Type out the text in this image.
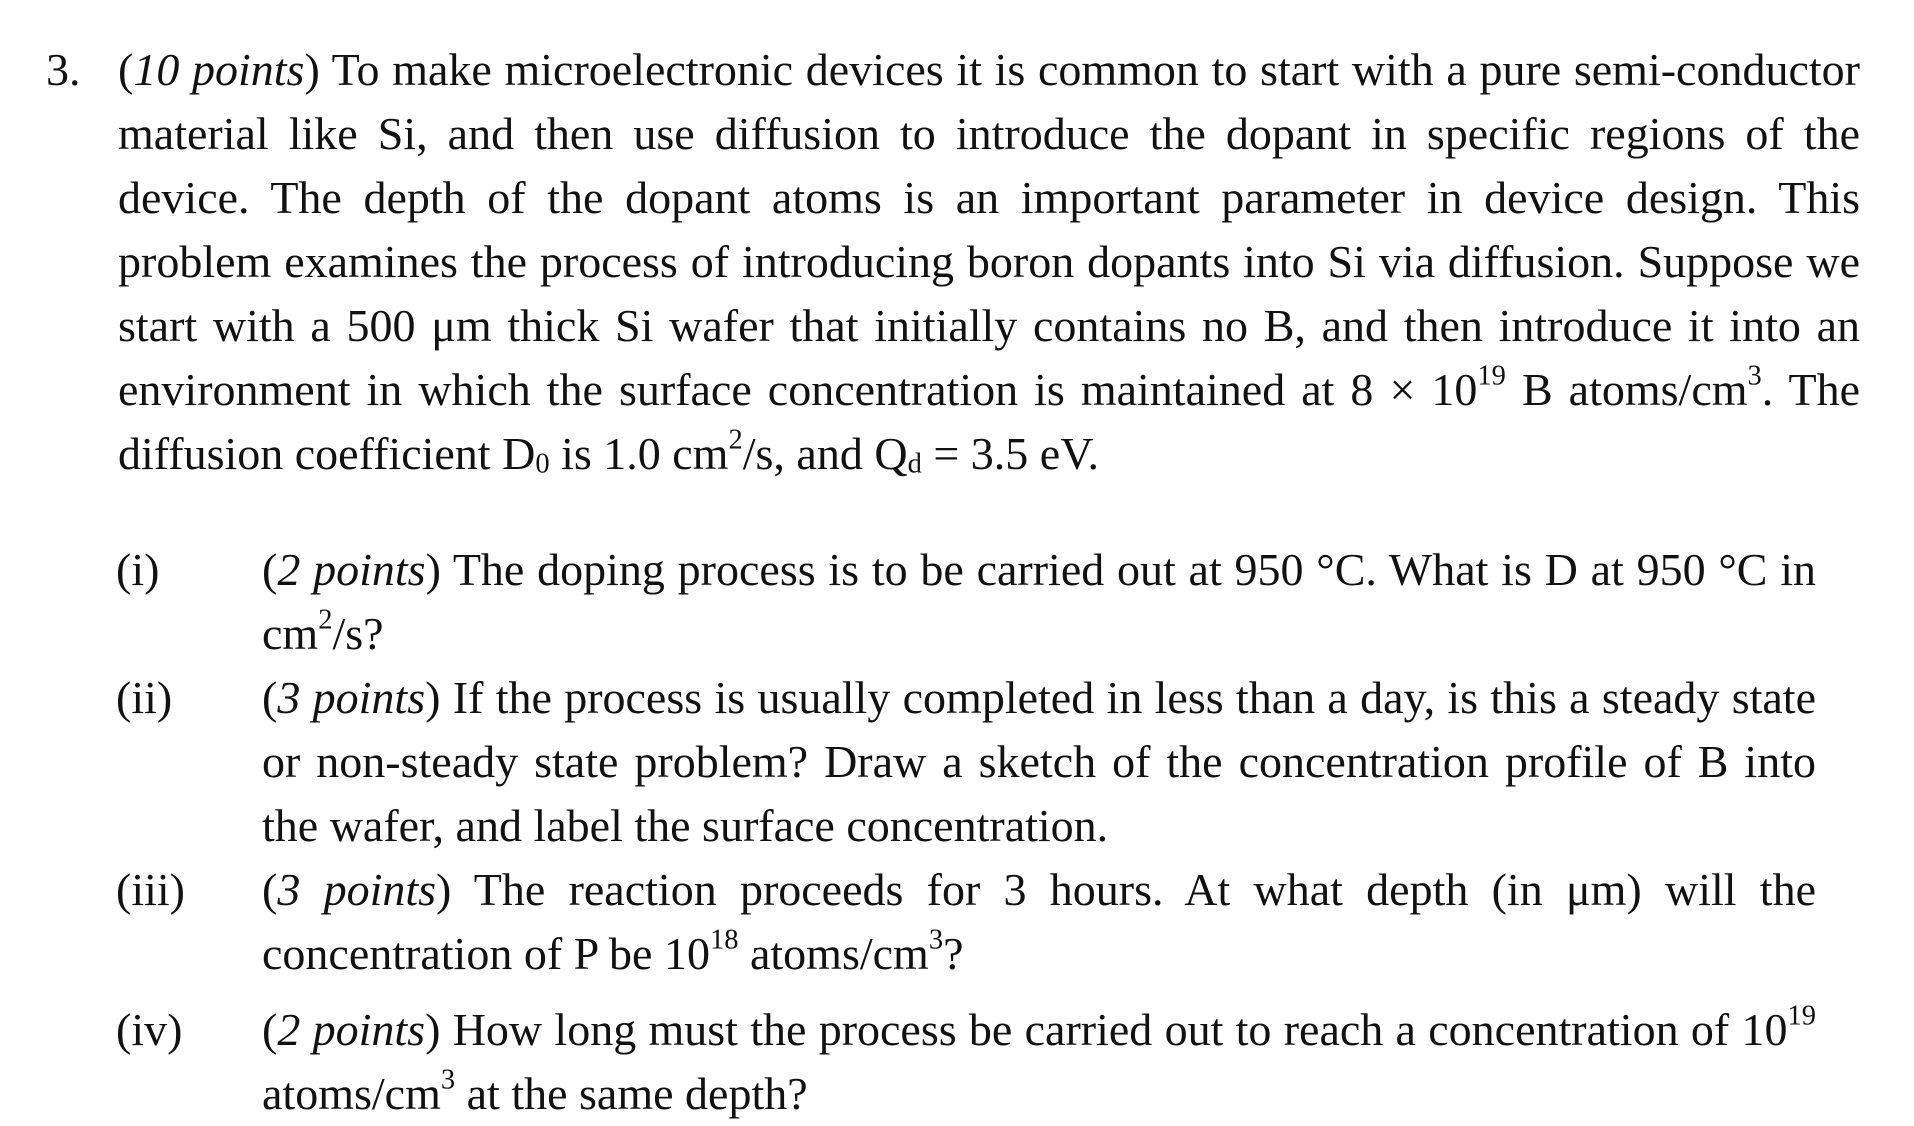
3. (10 points) To make microelectronic devices it is common to start with a pure semi-conductor material like Si, and then use diffusion to introduce the dopant in specific regions of the device. The depth of the dopant atoms is an important parameter in device design. This problem examines the process of introducing boron dopants into Si via diffusion. Suppose we start with a 500 μm thick Si wafer that initially contains no B, and then introduce it into an environment in which the surface concentration is maintained at $8 \times 10^{19}$ B atoms/$cm^3$. The diffusion coefficient $D_0$ is 1.0 $cm^2/s$, and $Q_d = 3.5$ eV.
(i) (2 points) The doping process is to be carried out at 950 °C. What is D at 950 °C in $cm^2/s$?
(ii) (3 points) If the process is usually completed in less than a day, is this a steady state or non-steady state problem? Draw a sketch of the concentration profile of B into the wafer, and label the surface concentration.
(iii) (3 points) The reaction proceeds for 3 hours. At what depth (in μm) will the concentration of P be $10^{18}$ atoms/$cm^3$?
(iv) (2 points) How long must the process be carried out to reach a concentration of $10^{19}$ atoms/$cm^3$ at the same depth?
